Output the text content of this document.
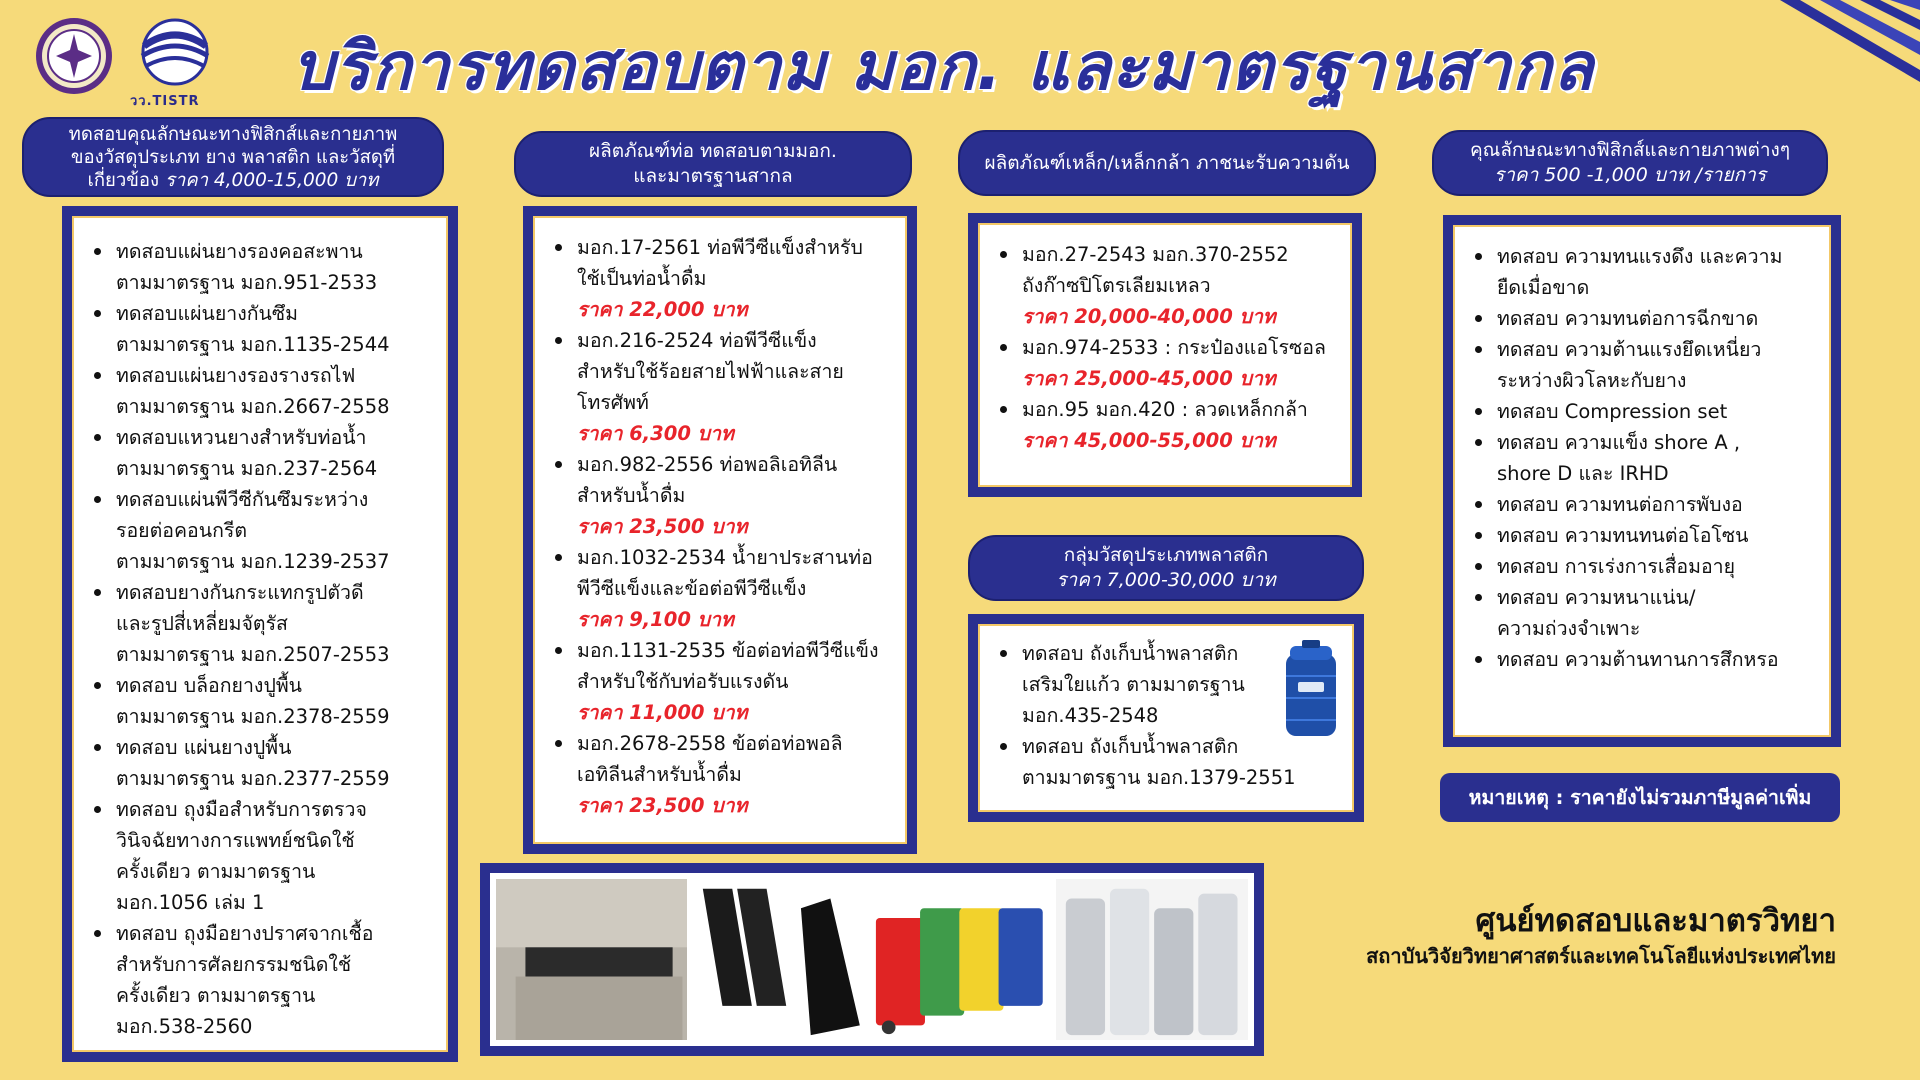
วว.TISTR บริการทดสอบตาม มอก. และมาตรฐานสากล
ทดสอบคุณลักษณะทางฟิสิกส์และกายภาพ
ของวัสดุประเภท ยาง พลาสติก และวัสดุที่
เกี่ยวข้อง ราคา 4,000-15,000 บาท
ทดสอบแผ่นยางรองคอสะพาน
ตามมาตรฐาน มอก.951-2533
ทดสอบแผ่นยางกันซึม
ตามมาตรฐาน มอก.1135-2544
ทดสอบแผ่นยางรองรางรถไฟ
ตามมาตรฐาน มอก.2667-2558
ทดสอบแหวนยางสำหรับท่อน้ำ
ตามมาตรฐาน มอก.237-2564
ทดสอบแผ่นพีวีซีกันซึมระหว่าง
รอยต่อคอนกรีต
ตามมาตรฐาน มอก.1239-2537
ทดสอบยางกันกระแทกรูปตัวดี
และรูปสี่เหลี่ยมจัตุรัส
ตามมาตรฐาน มอก.2507-2553
ทดสอบ บล็อกยางปูพื้น
ตามมาตรฐาน มอก.2378-2559
ทดสอบ แผ่นยางปูพื้น
ตามมาตรฐาน มอก.2377-2559
ทดสอบ ถุงมือสำหรับการตรวจ
วินิจฉัยทางการแพทย์ชนิดใช้
ครั้งเดียว ตามมาตรฐาน
มอก.1056 เล่ม 1
ทดสอบ ถุงมือยางปราศจากเชื้อ
สำหรับการศัลยกรรมชนิดใช้
ครั้งเดียว ตามมาตรฐาน
มอก.538-2560
ผลิตภัณฑ์ท่อ ทดสอบตามมอก.
และมาตรฐานสากล
มอก.17-2561 ท่อพีวีซีแข็งสำหรับ
ใช้เป็นท่อน้ำดื่ม
ราคา 22,000 บาท
มอก.216-2524 ท่อพีวีซีแข็ง
สำหรับใช้ร้อยสายไฟฟ้าและสาย
โทรศัพท์
ราคา 6,300 บาท
มอก.982-2556 ท่อพอลิเอทิลีน
สำหรับน้ำดื่ม
ราคา 23,500 บาท
มอก.1032-2534 น้ำยาประสานท่อ
พีวีซีแข็งและข้อต่อพีวีซีแข็ง
ราคา 9,100 บาท
มอก.1131-2535 ข้อต่อท่อพีวีซีแข็ง
สำหรับใช้กับท่อรับแรงดัน
ราคา 11,000 บาท
มอก.2678-2558 ข้อต่อท่อพอลิ
เอทิลีนสำหรับน้ำดื่ม
ราคา 23,500 บาท
ผลิตภัณฑ์เหล็ก/เหล็กกล้า ภาชนะรับความดัน
มอก.27-2543 มอก.370-2552
ถังก๊าซปิโตรเลียมเหลว
ราคา 20,000-40,000 บาท
มอก.974-2533 : กระป๋องแอโรซอล
ราคา 25,000-45,000 บาท
มอก.95 มอก.420 : ลวดเหล็กกล้า
ราคา 45,000-55,000 บาท
กลุ่มวัสดุประเภทพลาสติก
ราคา 7,000-30,000 บาท
ทดสอบ ถังเก็บน้ำพลาสติก
เสริมใยแก้ว ตามมาตรฐาน
มอก.435-2548
ทดสอบ ถังเก็บน้ำพลาสติก
ตามมาตรฐาน มอก.1379-2551
คุณลักษณะทางฟิสิกส์และกายภาพต่างๆ
ราคา 500 -1,000 บาท /รายการ
ทดสอบ ความทนแรงดึง และความ
ยืดเมื่อขาด
ทดสอบ ความทนต่อการฉีกขาด
ทดสอบ ความต้านแรงยึดเหนี่ยว
ระหว่างผิวโลหะกับยาง
ทดสอบ Compression set
ทดสอบ ความแข็ง shore A ,
shore D และ IRHD
ทดสอบ ความทนต่อการพับงอ
ทดสอบ ความทนทนต่อโอโซน
ทดสอบ การเร่งการเสื่อมอายุ
ทดสอบ ความหนาแน่น/
ความถ่วงจำเพาะ
ทดสอบ ความต้านทานการสึกหรอ
หมายเหตุ : ราคายังไม่รวมภาษีมูลค่าเพิ่ม
ศูนย์ทดสอบและมาตรวิทยา
สถาบันวิจัยวิทยาศาสตร์และเทคโนโลยีแห่งประเทศไทย
